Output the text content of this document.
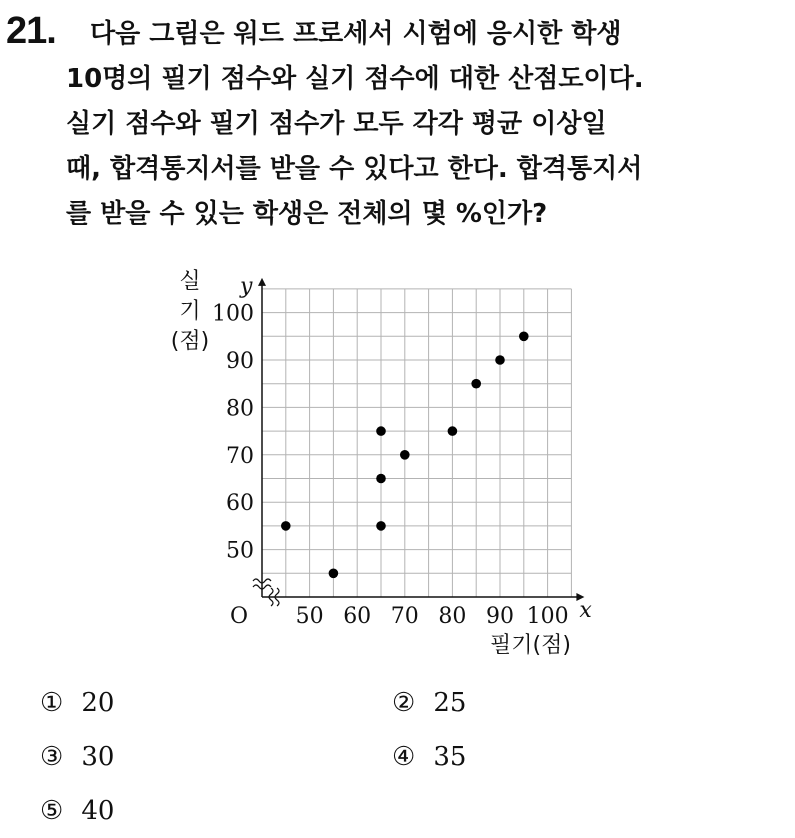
21. 다음 그림은 워드 프로세서 시험에 응시한 학생
10명의 필기 점수와 실기 점수에 대한 산점도이다.
실기 점수와 필기 점수가 모두 각각 평균 이상일
때, 합격통지서를 받을 수 있다고 한다. 합격통지서
를 받을 수 있는 학생은 전체의 몇 %인가?

실
기
(점)
50 60 70 80 90 100
50
60
70
80
90
100
O	x
y
필기(점)
① 20	② 25
③ 30	④ 35
⑤ 40
